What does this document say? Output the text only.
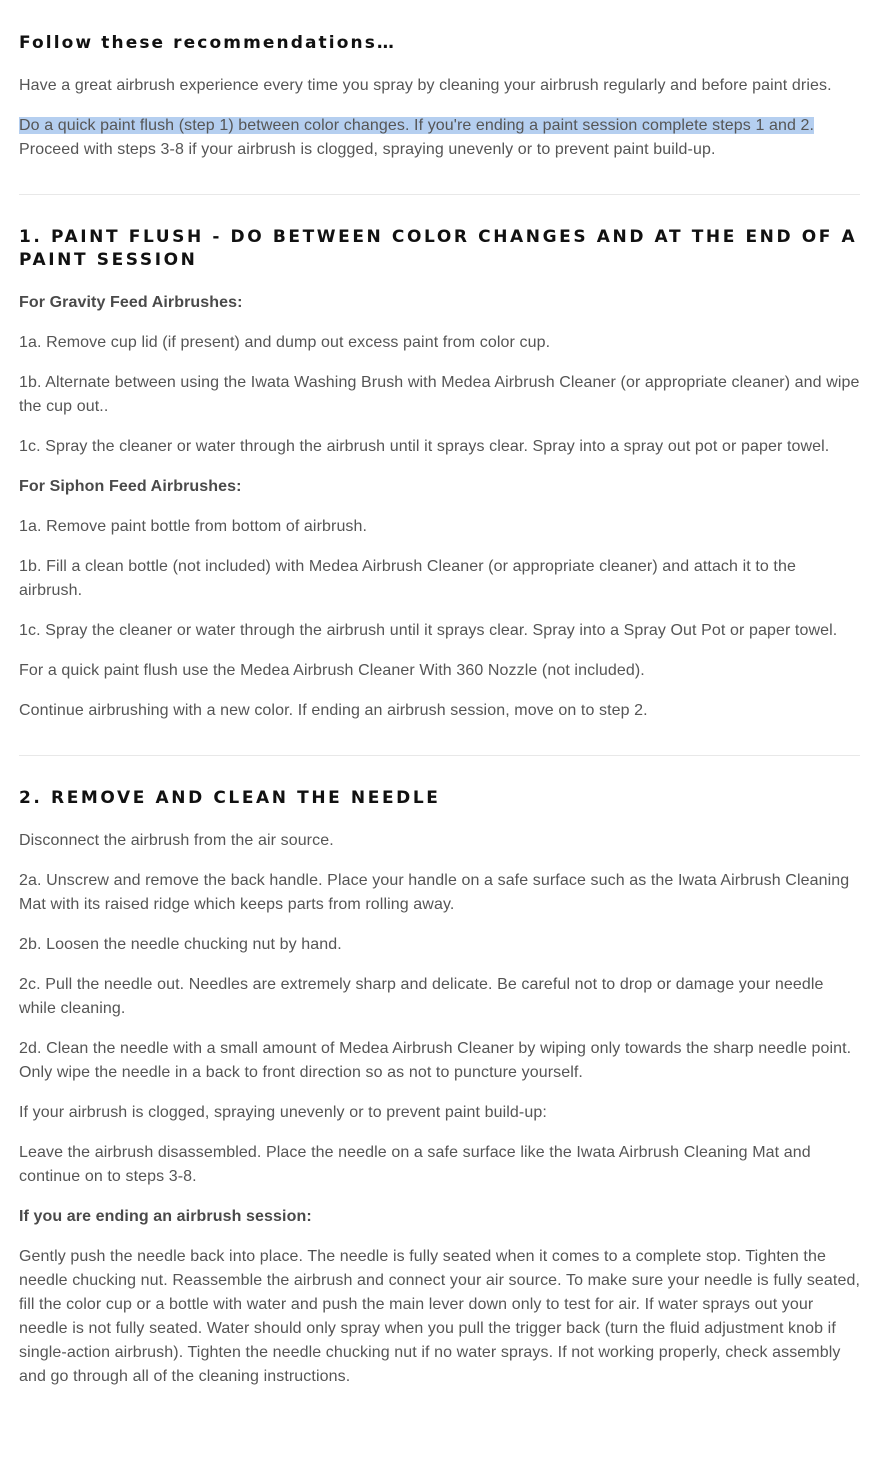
Follow these recommendations…

Have a great airbrush experience every time you spray by cleaning your airbrush regularly and before paint dries.

Do a quick paint flush (step 1) between color changes. If you're ending a paint session complete steps 1 and 2. Proceed with steps 3-8 if your airbrush is clogged, spraying unevenly or to prevent paint build-up.

1. PAINT FLUSH - DO BETWEEN COLOR CHANGES AND AT THE END OF A PAINT SESSION

For Gravity Feed Airbrushes:

1a. Remove cup lid (if present) and dump out excess paint from color cup.

1b. Alternate between using the Iwata Washing Brush with Medea Airbrush Cleaner (or appropriate cleaner) and wipe the cup out..

1c. Spray the cleaner or water through the airbrush until it sprays clear. Spray into a spray out pot or paper towel.

For Siphon Feed Airbrushes:

1a. Remove paint bottle from bottom of airbrush.

1b. Fill a clean bottle (not included) with Medea Airbrush Cleaner (or appropriate cleaner) and attach it to the airbrush.

1c. Spray the cleaner or water through the airbrush until it sprays clear. Spray into a Spray Out Pot or paper towel.

For a quick paint flush use the Medea Airbrush Cleaner With 360 Nozzle (not included).

Continue airbrushing with a new color. If ending an airbrush session, move on to step 2.

2. REMOVE AND CLEAN THE NEEDLE

Disconnect the airbrush from the air source.

2a. Unscrew and remove the back handle. Place your handle on a safe surface such as the Iwata Airbrush Cleaning Mat with its raised ridge which keeps parts from rolling away.

2b. Loosen the needle chucking nut by hand.

2c. Pull the needle out. Needles are extremely sharp and delicate. Be careful not to drop or damage your needle while cleaning.

2d. Clean the needle with a small amount of Medea Airbrush Cleaner by wiping only towards the sharp needle point. Only wipe the needle in a back to front direction so as not to puncture yourself.

If your airbrush is clogged, spraying unevenly or to prevent paint build-up:

Leave the airbrush disassembled. Place the needle on a safe surface like the Iwata Airbrush Cleaning Mat and continue on to steps 3-8.

If you are ending an airbrush session:

Gently push the needle back into place. The needle is fully seated when it comes to a complete stop. Tighten the needle chucking nut. Reassemble the airbrush and connect your air source. To make sure your needle is fully seated, fill the color cup or a bottle with water and push the main lever down only to test for air. If water sprays out your needle is not fully seated. Water should only spray when you pull the trigger back (turn the fluid adjustment knob if single-action airbrush). Tighten the needle chucking nut if no water sprays. If not working properly, check assembly and go through all of the cleaning instructions.
